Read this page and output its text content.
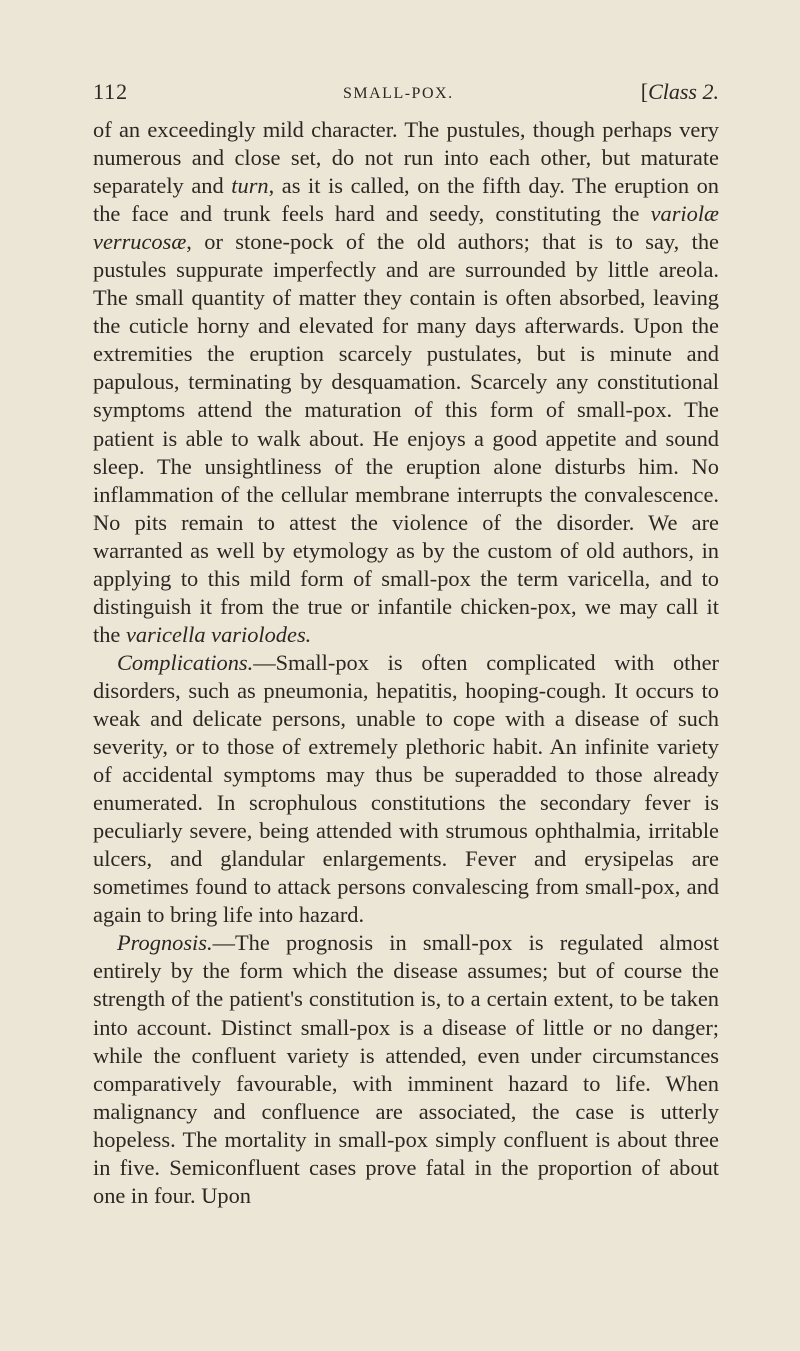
112	SMALL-POX.	[Class 2.

of an exceedingly mild character. The pustules, though perhaps very numerous and close set, do not run into each other, but maturate separately and turn, as it is called, on the fifth day. The eruption on the face and trunk feels hard and seedy, constituting the variolæ verrucosæ, or stone-pock of the old authors; that is to say, the pustules suppurate imperfectly and are surrounded by little areola. The small quantity of matter they contain is often absorbed, leaving the cuticle horny and elevated for many days afterwards. Upon the extremities the eruption scarcely pustulates, but is minute and papulous, terminating by desquamation. Scarcely any constitutional symptoms attend the maturation of this form of small-pox. The patient is able to walk about. He enjoys a good appetite and sound sleep. The unsightliness of the eruption alone disturbs him. No inflammation of the cellular membrane interrupts the convalescence. No pits remain to attest the violence of the disorder. We are warranted as well by etymology as by the custom of old authors, in applying to this mild form of small-pox the term varicella, and to distinguish it from the true or infantile chicken-pox, we may call it the varicella variolodes.

Complications.—Small-pox is often complicated with other disorders, such as pneumonia, hepatitis, hooping-cough. It occurs to weak and delicate persons, unable to cope with a disease of such severity, or to those of extremely plethoric habit. An infinite variety of accidental symptoms may thus be superadded to those already enumerated. In scrophulous constitutions the secondary fever is peculiarly severe, being attended with strumous ophthalmia, irritable ulcers, and glandular enlargements. Fever and erysipelas are sometimes found to attack persons convalescing from small-pox, and again to bring life into hazard.

Prognosis.—The prognosis in small-pox is regulated almost entirely by the form which the disease assumes; but of course the strength of the patient's constitution is, to a certain extent, to be taken into account. Distinct small-pox is a disease of little or no danger; while the confluent variety is attended, even under circumstances comparatively favourable, with imminent hazard to life. When malignancy and confluence are associated, the case is utterly hopeless. The mortality in small-pox simply confluent is about three in five. Semiconfluent cases prove fatal in the proportion of about one in four. Upon
